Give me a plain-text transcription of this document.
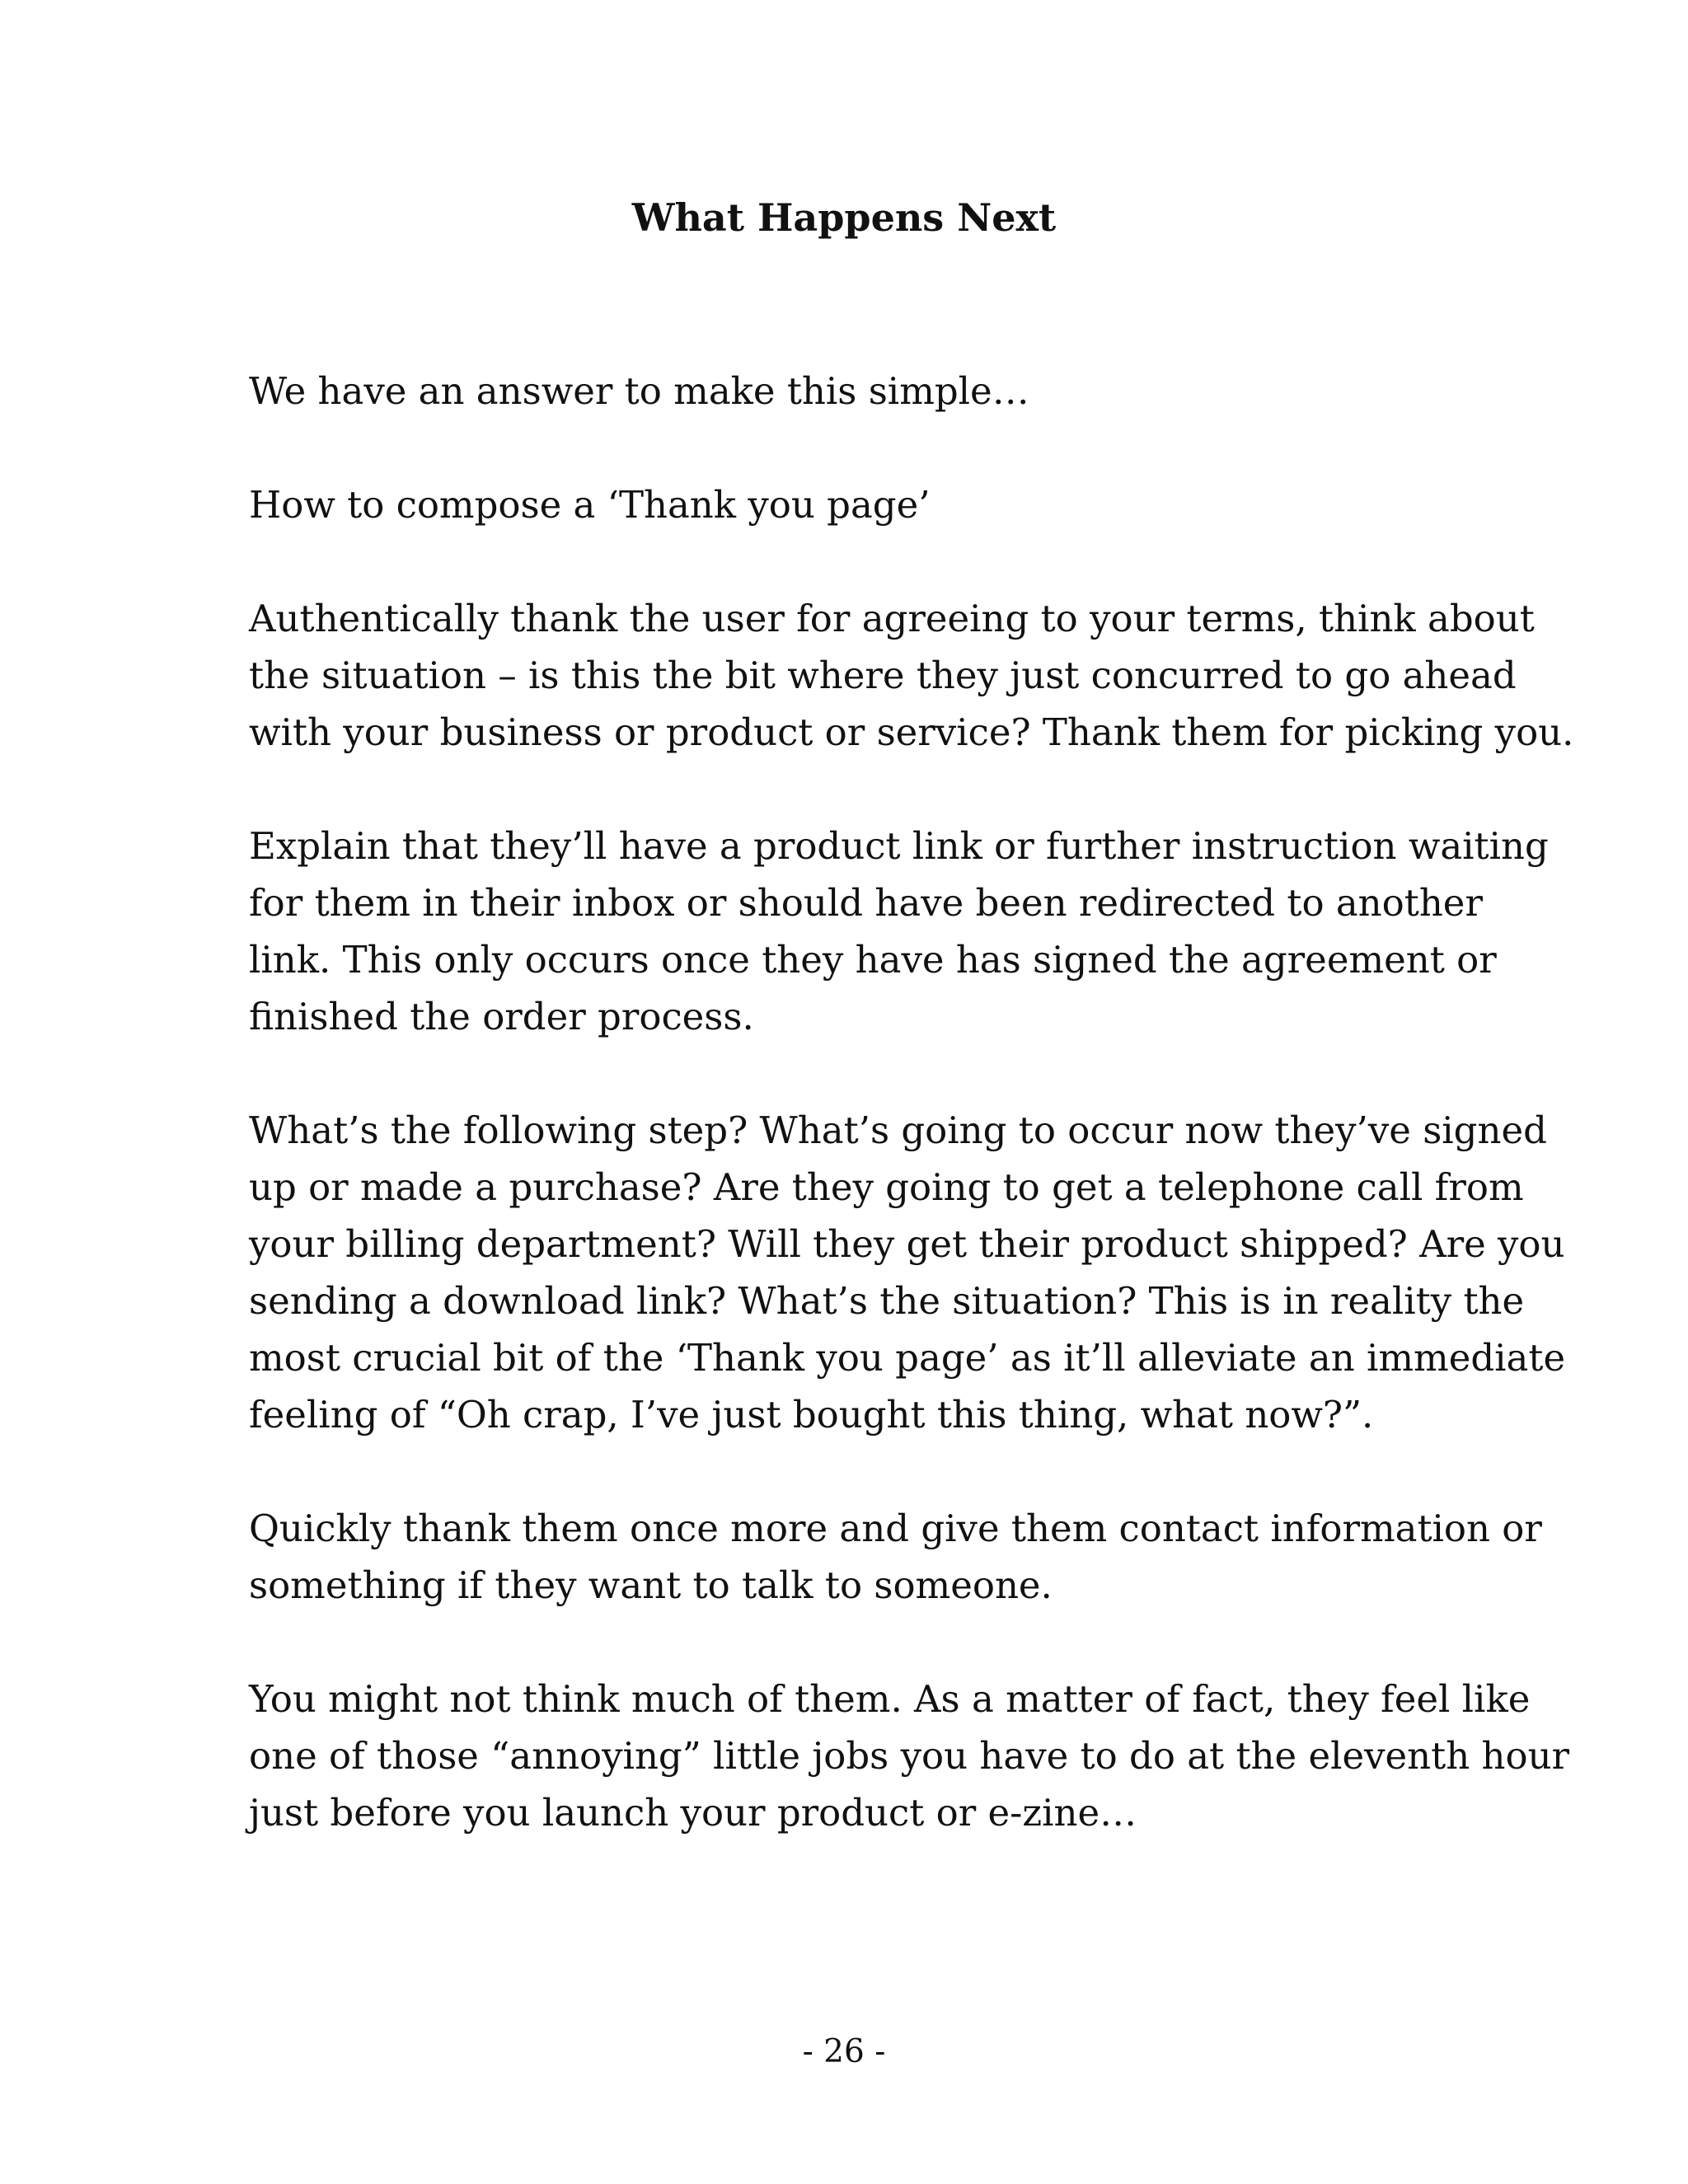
What Happens Next

We have an answer to make this simple…

How to compose a ‘Thank you page’

Authentically thank the user for agreeing to your terms, think about
the situation – is this the bit where they just concurred to go ahead
with your business or product or service? Thank them for picking you.

Explain that they’ll have a product link or further instruction waiting
for them in their inbox or should have been redirected to another
link. This only occurs once they have has signed the agreement or
finished the order process.

What’s the following step? What’s going to occur now they’ve signed
up or made a purchase? Are they going to get a telephone call from
your billing department? Will they get their product shipped? Are you
sending a download link? What’s the situation? This is in reality the
most crucial bit of the ‘Thank you page’ as it’ll alleviate an immediate
feeling of “Oh crap, I’ve just bought this thing, what now?”.

Quickly thank them once more and give them contact information or
something if they want to talk to someone.

You might not think much of them. As a matter of fact, they feel like
one of those “annoying” little jobs you have to do at the eleventh hour
just before you launch your product or e-zine…

- 26 -
